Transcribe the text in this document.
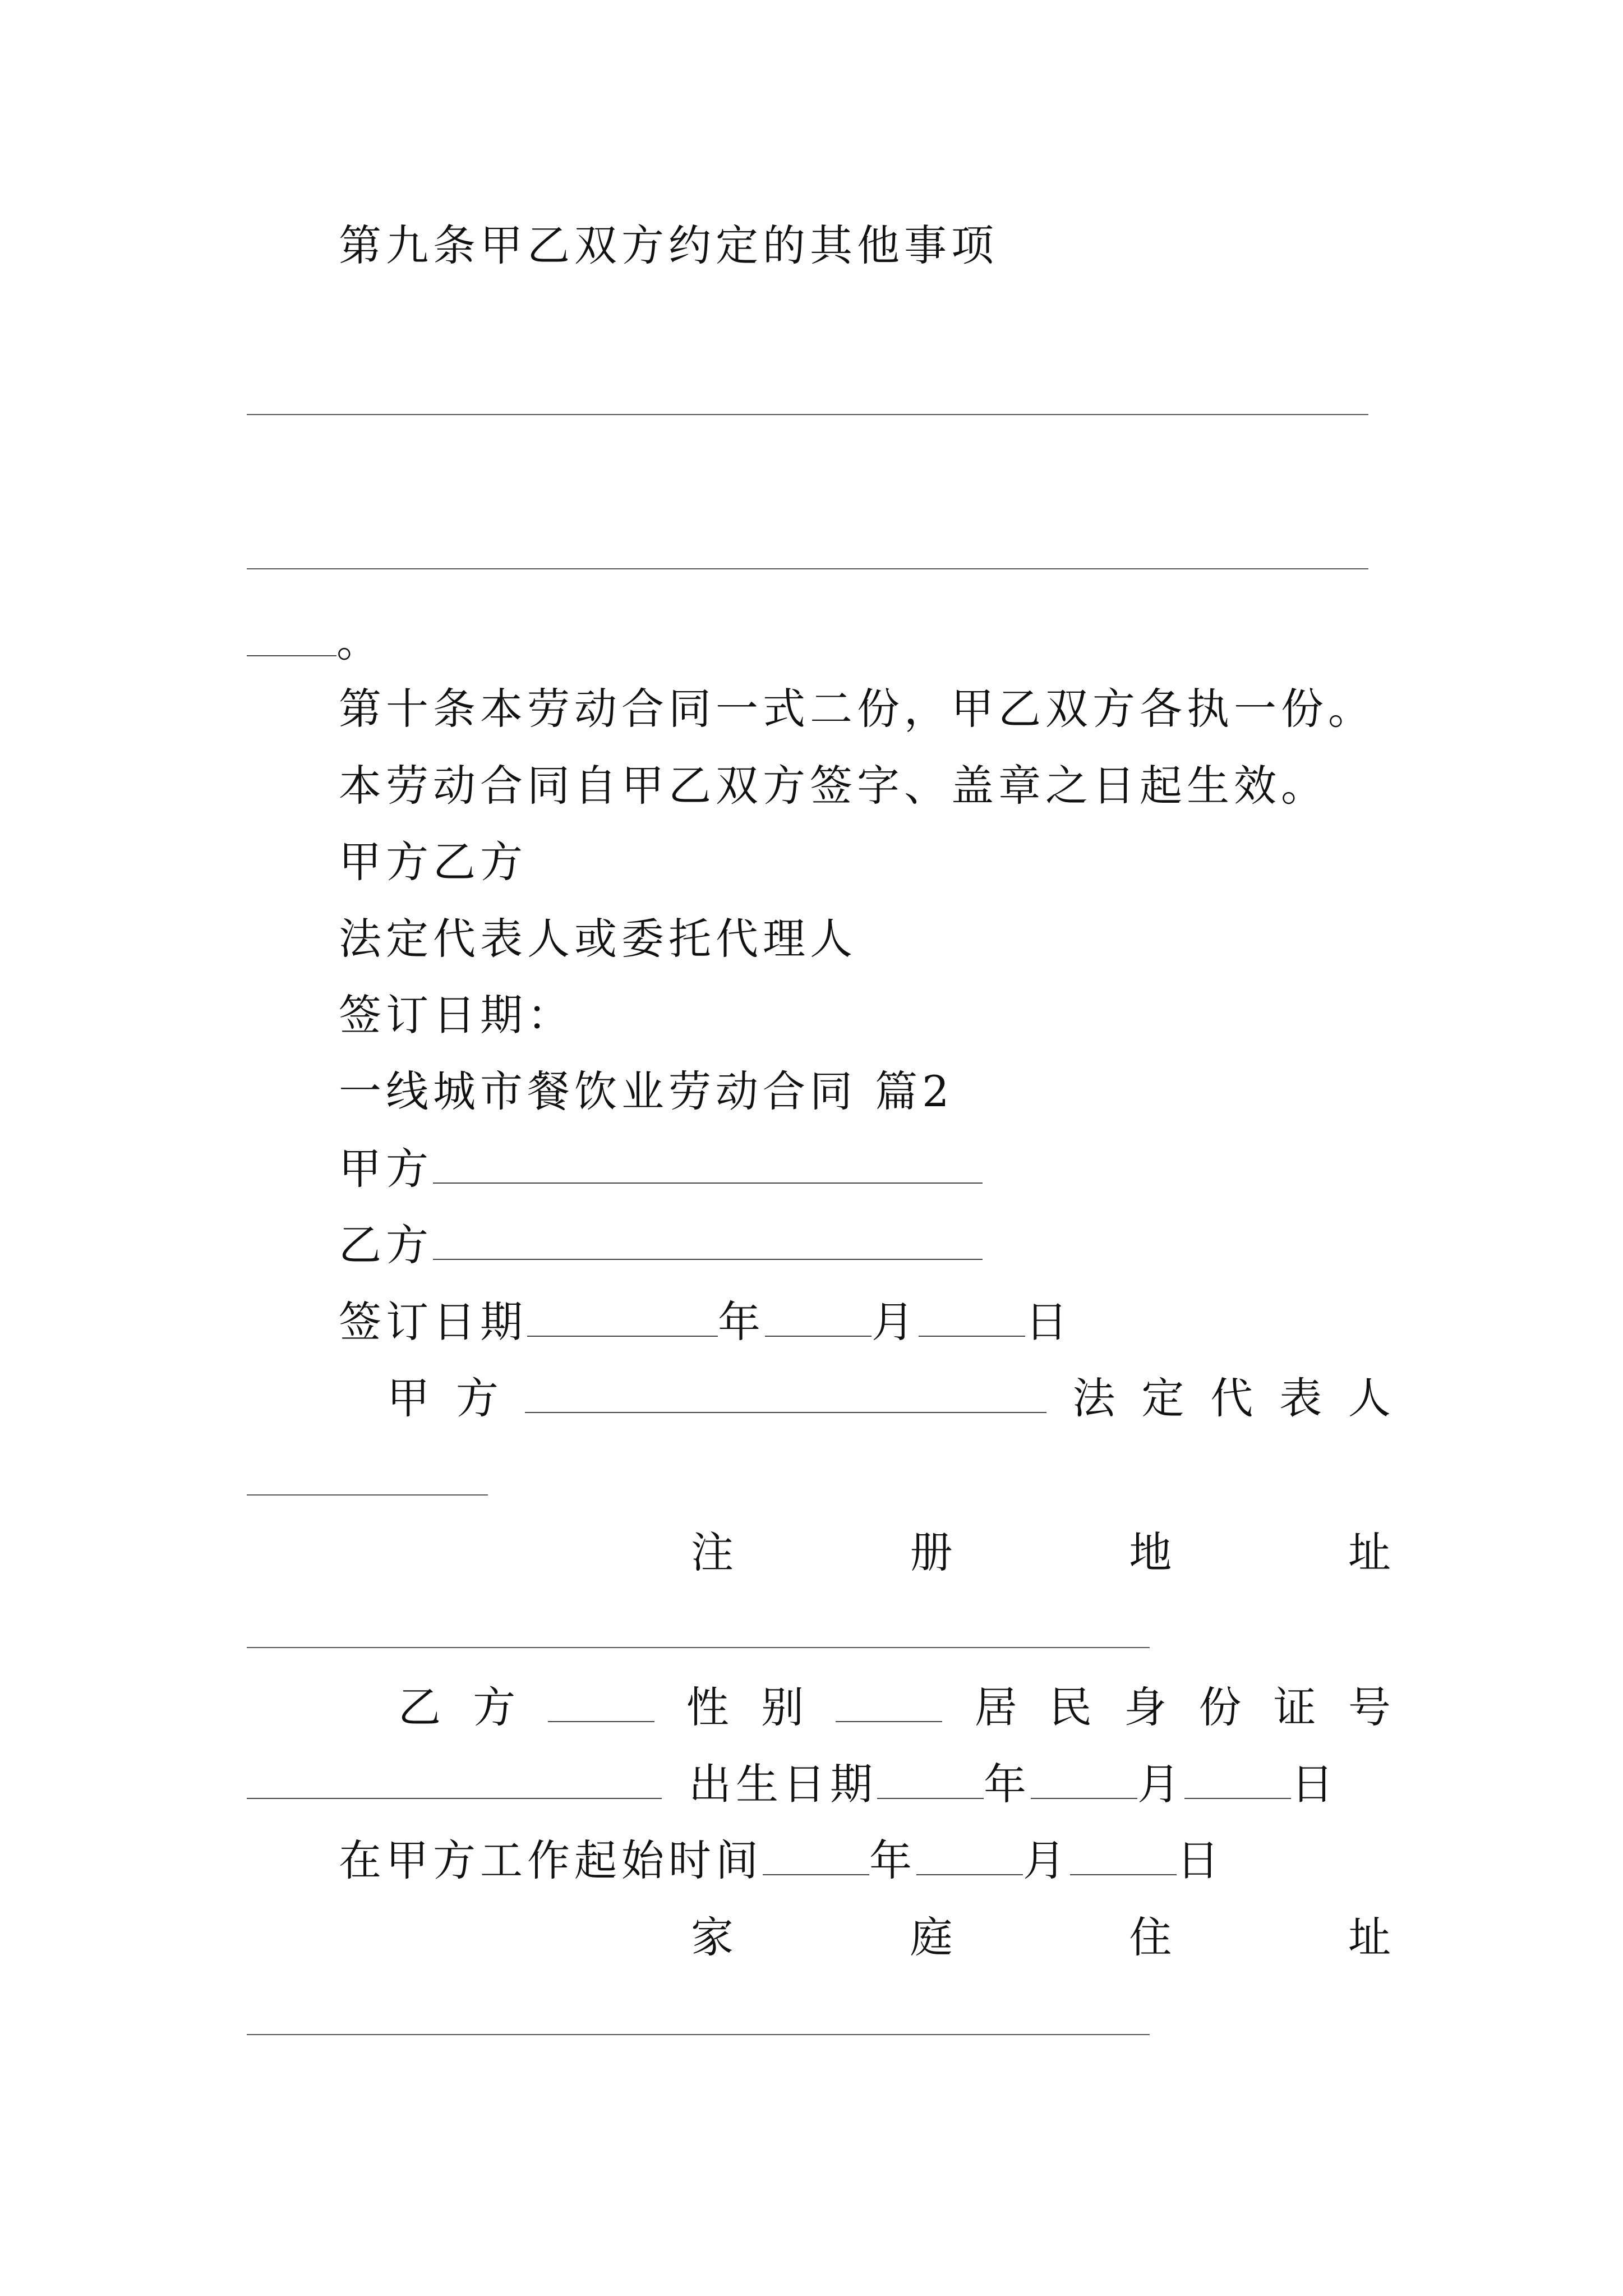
第九条甲乙双方约定的其他事项
。
第十条本劳动合同一式二份，甲乙双方各执一份。
本劳动合同自甲乙双方签字、盖章之日起生效。
甲方乙方
法定代表人或委托代理人
签订日期：
一线城市餐饮业劳动合同 篇2
甲方
乙方
签订日期	年	月	日
甲 方	法 定 代 表 人
注	册	地	址
乙 方	性 别	居 民 身 份 证 号
出生日期	年	月	日
在甲方工作起始时间	年	月	日
家	庭	住	址
